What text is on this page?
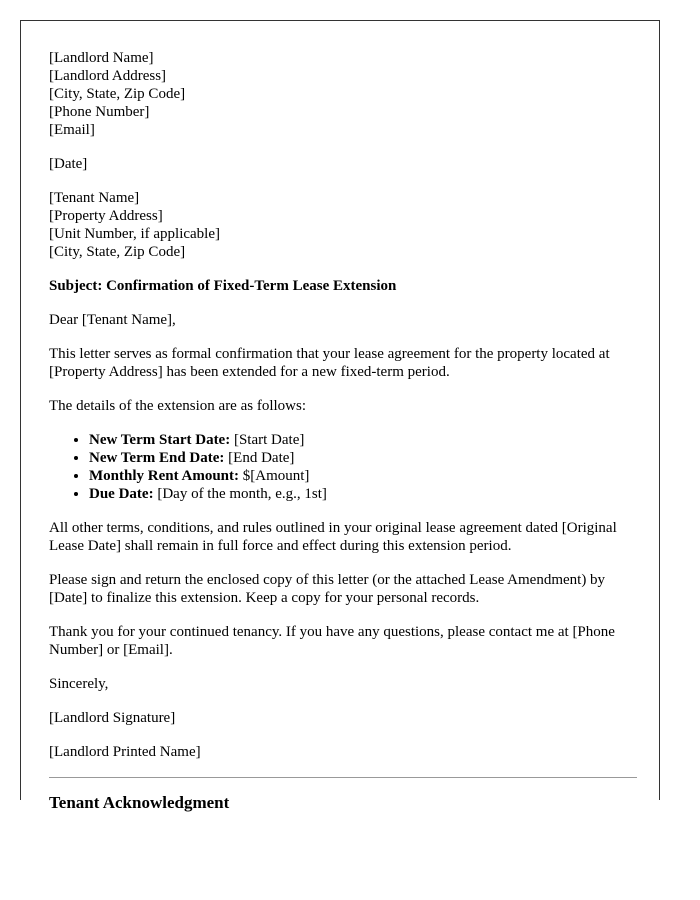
[Landlord Name]
[Landlord Address]
[City, State, Zip Code]
[Phone Number]
[Email]
[Date]
[Tenant Name]
[Property Address]
[Unit Number, if applicable]
[City, State, Zip Code]

Subject: Confirmation of Fixed-Term Lease Extension

Dear [Tenant Name],

This letter serves as formal confirmation that your lease agreement for the property located at [Property Address] has been extended for a new fixed-term period.

The details of the extension are as follows:

• New Term Start Date: [Start Date]
• New Term End Date: [End Date]
• Monthly Rent Amount: $[Amount]
• Due Date: [Day of the month, e.g., 1st]

All other terms, conditions, and rules outlined in your original lease agreement dated [Original Lease Date] shall remain in full force and effect during this extension period.

Please sign and return the enclosed copy of this letter (or the attached Lease Amendment) by [Date] to finalize this extension. Keep a copy for your personal records.

Thank you for your continued tenancy. If you have any questions, please contact me at [Phone Number] or [Email].

Sincerely,

[Landlord Signature]

[Landlord Printed Name]

Tenant Acknowledgment
